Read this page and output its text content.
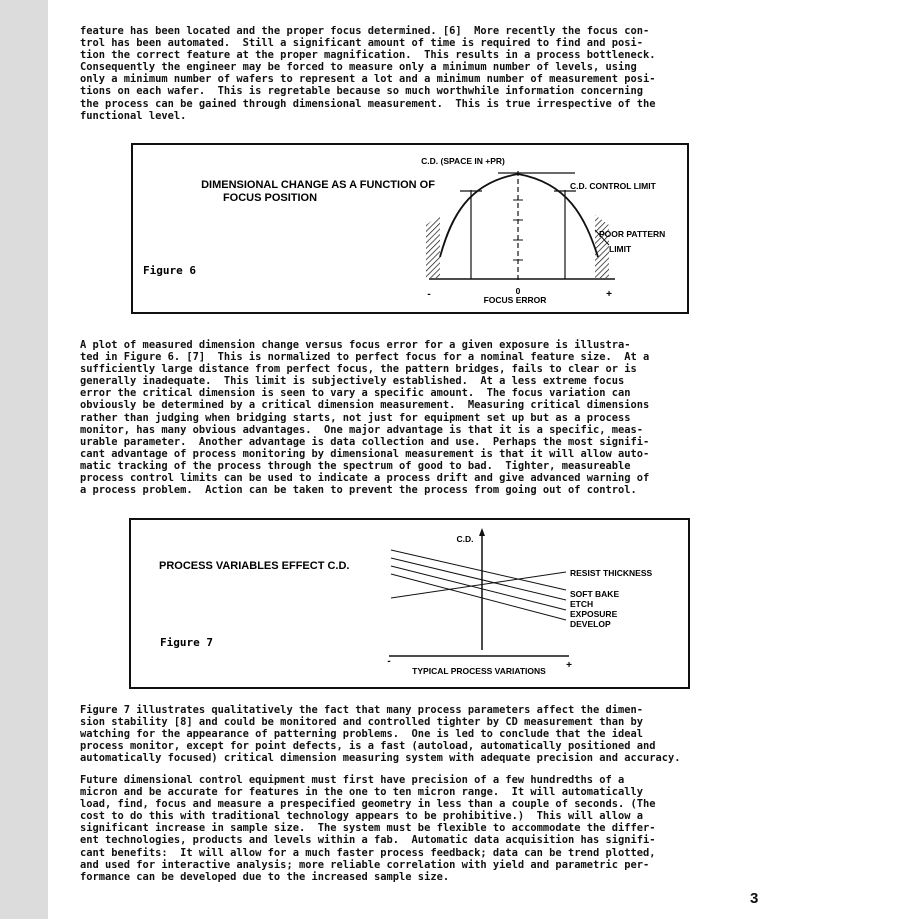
feature has been located and the proper focus determined. [6]  More recently the focus con-
trol has been automated.  Still a significant amount of time is required to find and posi-
tion the correct feature at the proper magnification.  This results in a process bottleneck.
Consequently the engineer may be forced to measure only a minimum number of levels, using
only a minimum number of wafers to represent a lot and a minimum number of measurement posi-
tions on each wafer.  This is regretable because so much worthwhile information concerning
the process can be gained through dimensional measurement.  This is true irrespective of the
functional level.
DIMENSIONAL CHANGE AS A FUNCTION OF
FOCUS POSITION
C.D. (SPACE IN +PR)
C.D. CONTROL LIMIT
POOR PATTERN
LIMIT
-	0	+
FOCUS ERROR
Figure 6
A plot of measured dimension change versus focus error for a given exposure is illustra-
ted in Figure 6. [7]  This is normalized to perfect focus for a nominal feature size.  At a
sufficiently large distance from perfect focus, the pattern bridges, fails to clear or is
generally inadequate.  This limit is subjectively established.  At a less extreme focus
error the critical dimension is seen to vary a specific amount.  The focus variation can
obviously be determined by a critical dimension measurement.  Measuring critical dimensions
rather than judging when bridging starts, not just for equipment set up but as a process
monitor, has many obvious advantages.  One major advantage is that it is a specific, meas-
urable parameter.  Another advantage is data collection and use.  Perhaps the most signifi-
cant advantage of process monitoring by dimensional measurement is that it will allow auto-
matic tracking of the process through the spectrum of good to bad.  Tighter, measureable
process control limits can be used to indicate a process drift and give advanced warning of
a process problem.  Action can be taken to prevent the process from going out of control.
PROCESS VARIABLES EFFECT C.D.
C.D.
-	+
TYPICAL PROCESS VARIATIONS
RESIST THICKNESS
SOFT BAKE
ETCH
EXPOSURE
DEVELOP
Figure 7
Figure 7 illustrates qualitatively the fact that many process parameters affect the dimen-
sion stability [8] and could be monitored and controlled tighter by CD measurement than by
watching for the appearance of patterning problems.  One is led to conclude that the ideal
process monitor, except for point defects, is a fast (autoload, automatically positioned and
automatically focused) critical dimension measuring system with adequate precision and accuracy.
Future dimensional control equipment must first have precision of a few hundredths of a
micron and be accurate for features in the one to ten micron range.  It will automatically
load, find, focus and measure a prespecified geometry in less than a couple of seconds. (The
cost to do this with traditional technology appears to be prohibitive.)  This will allow a
significant increase in sample size.  The system must be flexible to accommodate the differ-
ent technologies, products and levels within a fab.  Automatic data acquisition has signifi-
cant benefits:  It will allow for a much faster process feedback; data can be trend plotted,
and used for interactive analysis; more reliable correlation with yield and parametric per-
formance can be developed due to the increased sample size.
3
